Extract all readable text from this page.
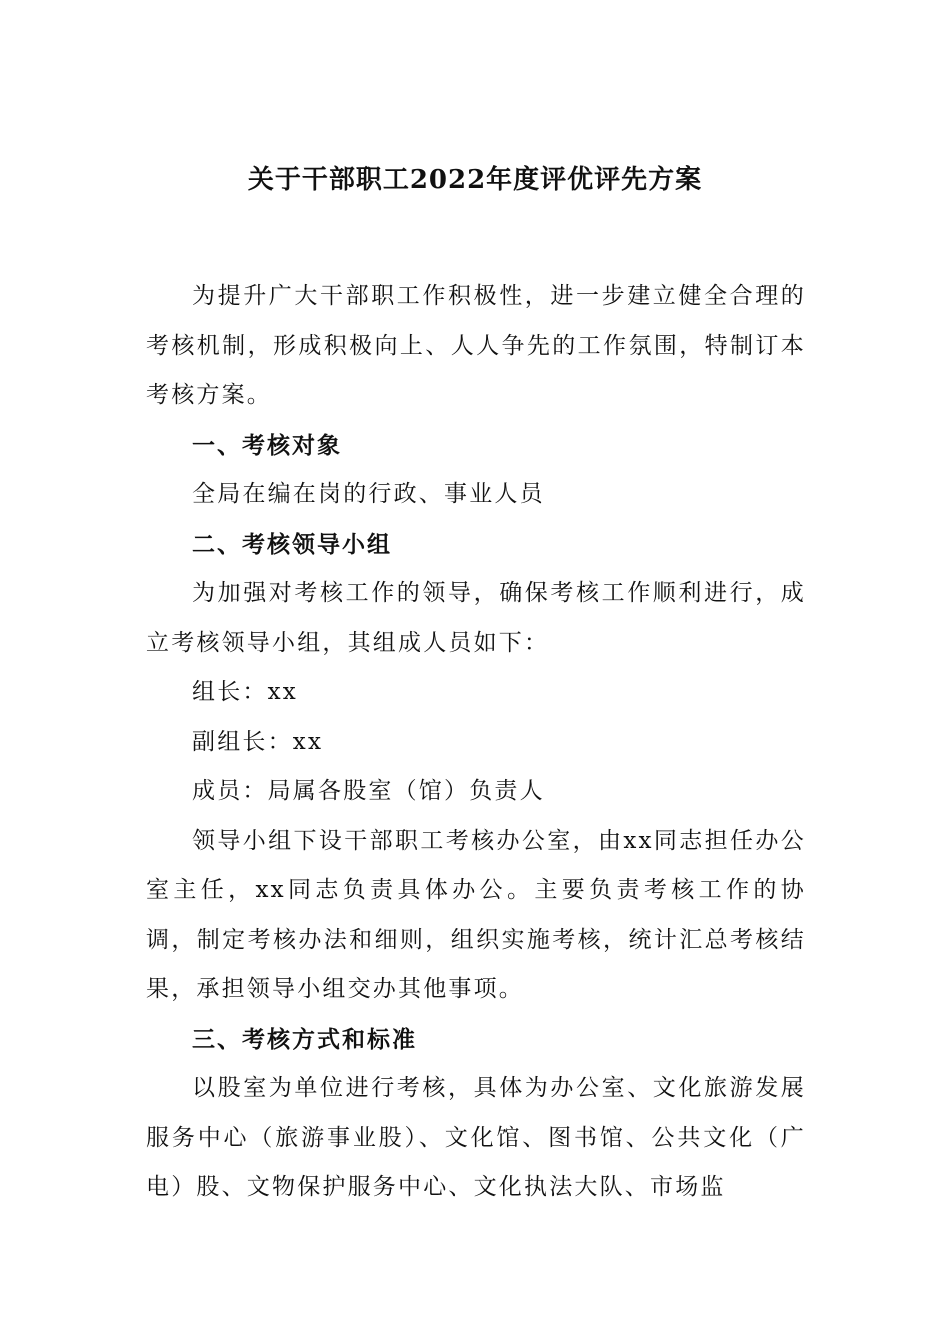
关于干部职工2022年度评优评先方案

为提升广大干部职工作积极性，进一步建立健全合理的考核机制，形成积极向上、人人争先的工作氛围，特制订本考核方案。

一、考核对象

全局在编在岗的行政、事业人员

二、考核领导小组

为加强对考核工作的领导，确保考核工作顺利进行，成立考核领导小组，其组成人员如下：

组长：xx

副组长：xx

成员：局属各股室（馆）负责人

领导小组下设干部职工考核办公室，由xx同志担任办公室主任，xx同志负责具体办公。主要负责考核工作的协调，制定考核办法和细则，组织实施考核，统计汇总考核结果，承担领导小组交办其他事项。

三、考核方式和标准

以股室为单位进行考核，具体为办公室、文化旅游发展服务中心（旅游事业股）、文化馆、图书馆、公共文化（广电）股、文物保护服务中心、文化执法大队、市场监
